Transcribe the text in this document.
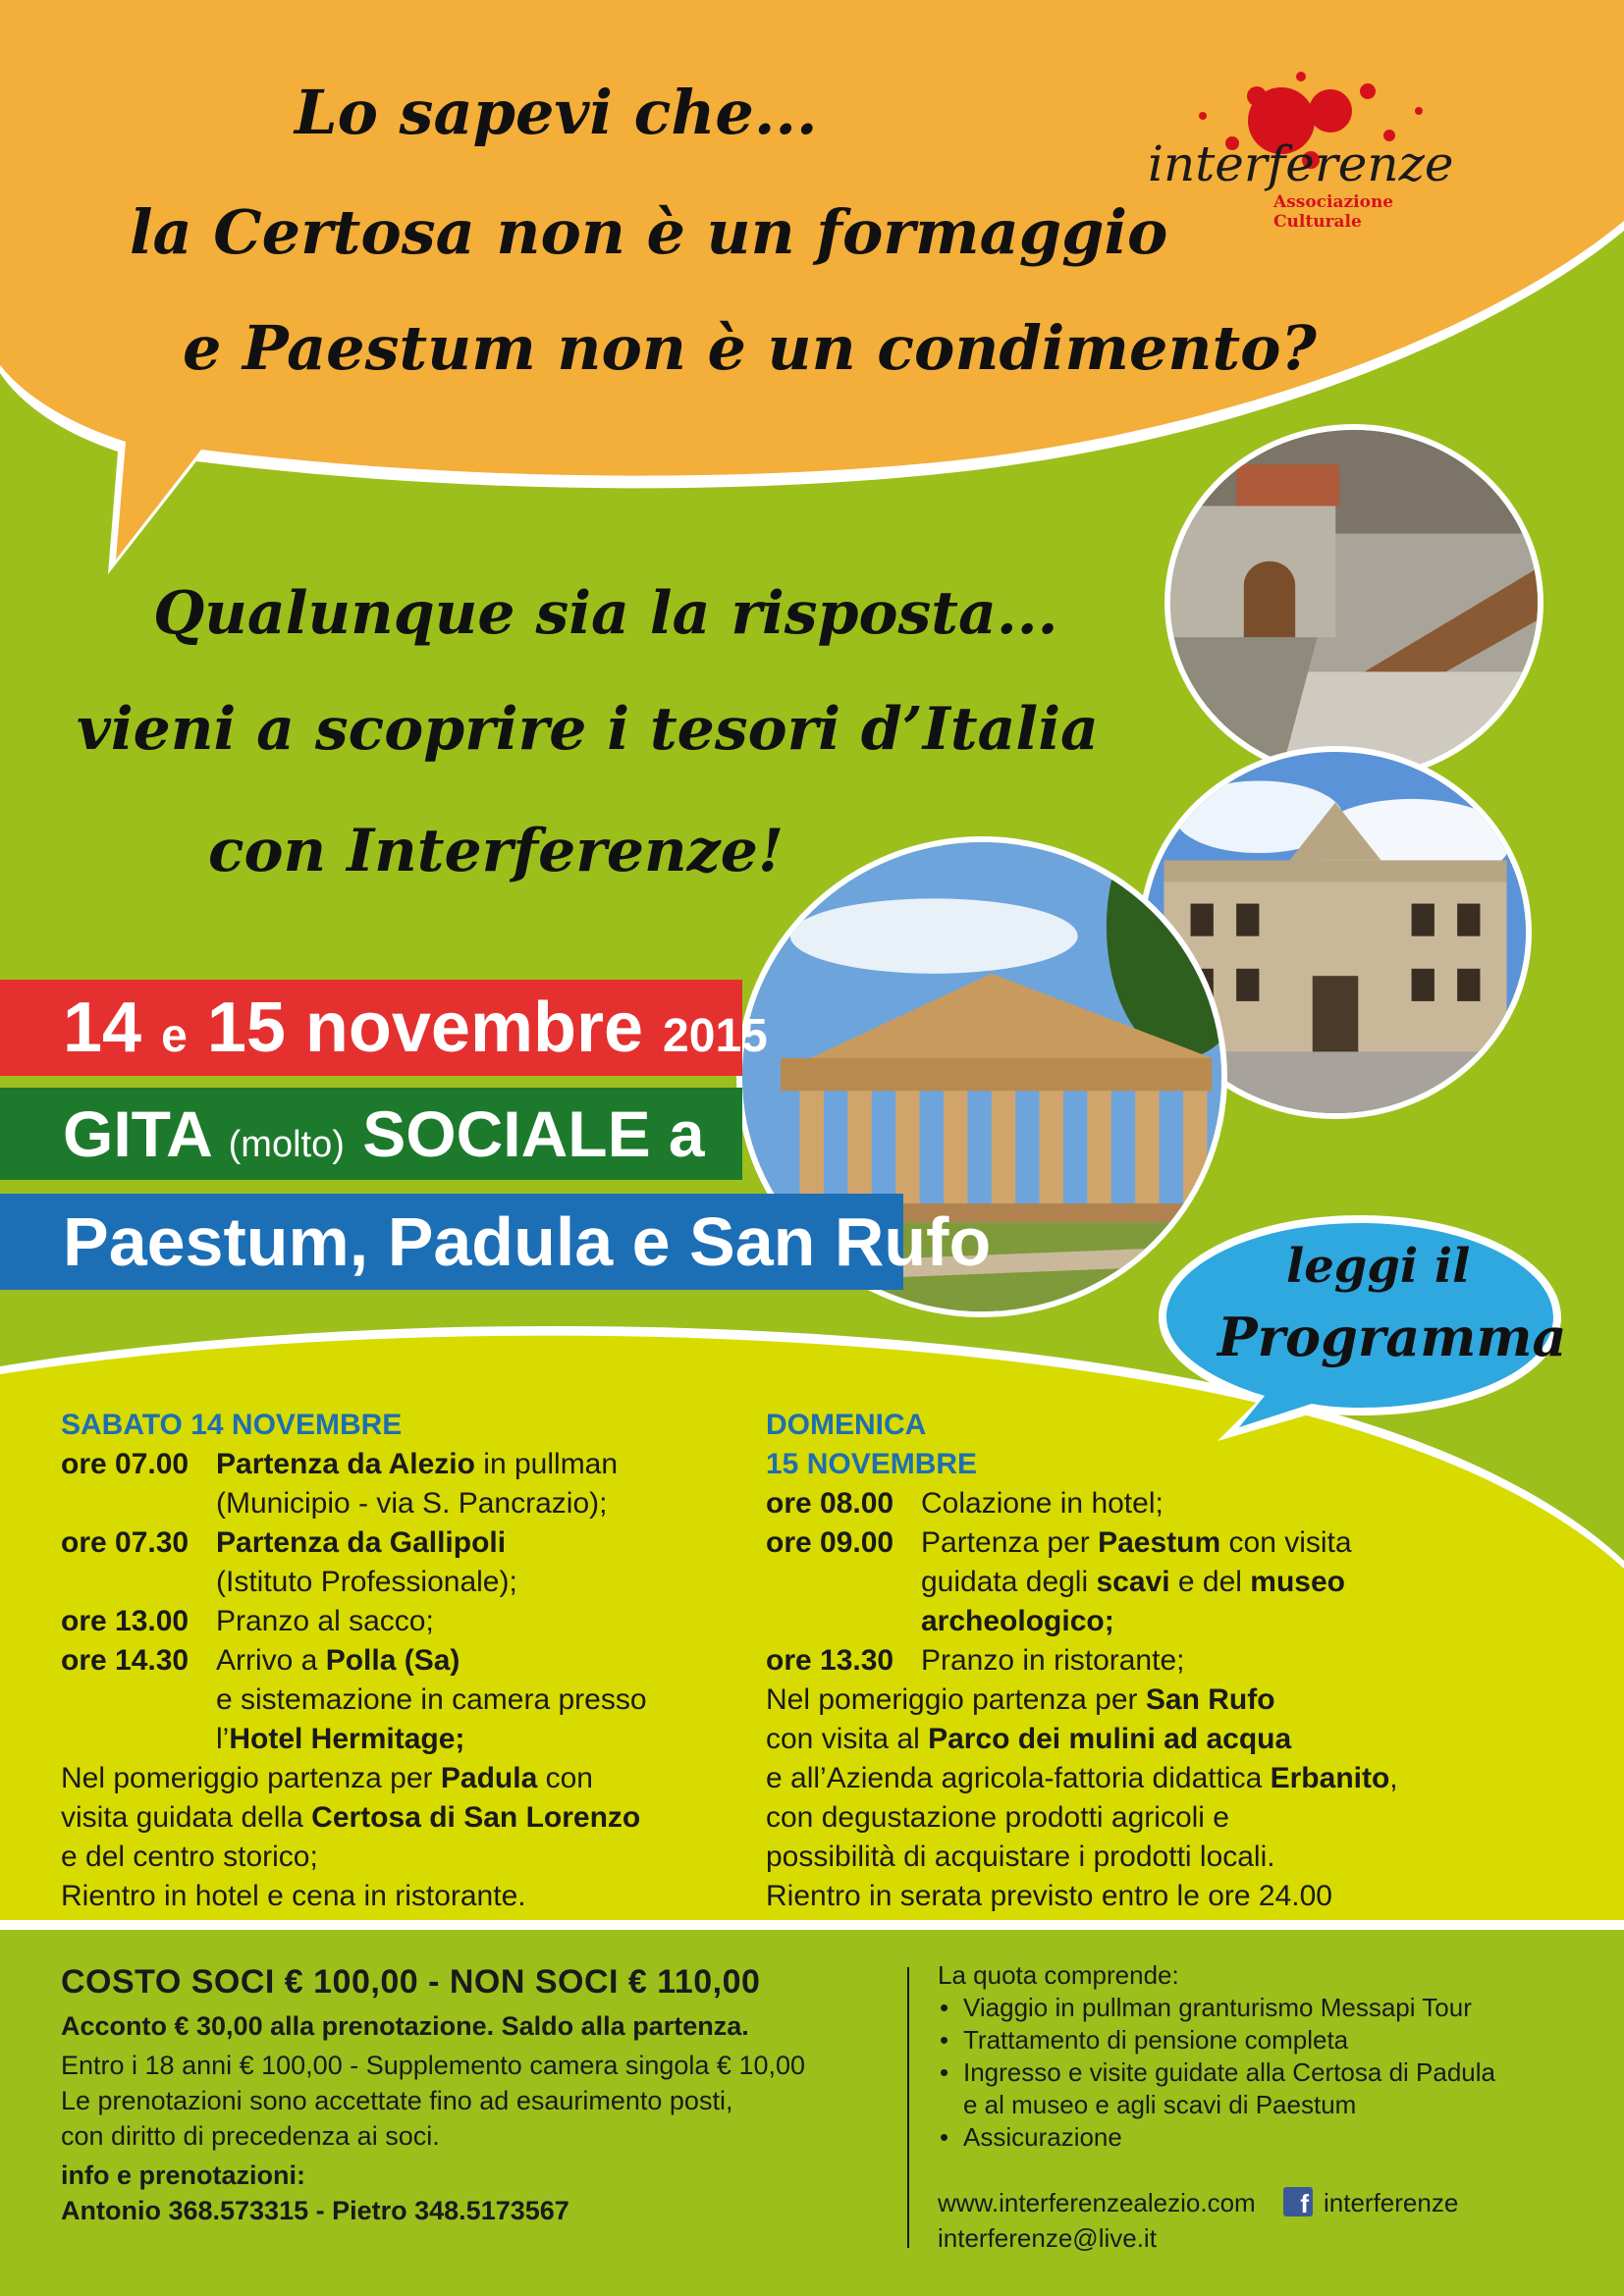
interferenze
Associazione Culturale
Lo sapevi che...
la Certosa non è un formaggio
e Paestum non è un condimento?
Qualunque sia la risposta...
vieni a scoprire i tesori d’Italia
con Interferenze!
14 e 15 novembre 2015
GITA (molto) SOCIALE a
Paestum, Padula e San Rufo	leggi il
Programma
SABATO 14 NOVEMBRE
ore 07.00 Partenza da Alezio in pullman
(Municipio - via S. Pancrazio);
ore 07.30 Partenza da Gallipoli
(Istituto Professionale);
ore 13.00 Pranzo al sacco;
ore 14.30 Arrivo a Polla (Sa)
e sistemazione in camera presso
l’Hotel Hermitage;
Nel pomeriggio partenza per Padula con
visita guidata della Certosa di San Lorenzo
e del centro storico;
Rientro in hotel e cena in ristorante.
DOMENICA
15 NOVEMBRE
ore 08.00 Colazione in hotel;
ore 09.00 Partenza per Paestum con visita
guidata degli scavi e del museo
archeologico;
ore 13.30 Pranzo in ristorante;
Nel pomeriggio partenza per San Rufo
con visita al Parco dei mulini ad acqua
e all’Azienda agricola-fattoria didattica Erbanito,
con degustazione prodotti agricoli e
possibilità di acquistare i prodotti locali.
Rientro in serata previsto entro le ore 24.00
COSTO SOCI € 100,00 - NON SOCI € 110,00
Acconto € 30,00 alla prenotazione. Saldo alla partenza.
Entro i 18 anni € 100,00 - Supplemento camera singola € 10,00
Le prenotazioni sono accettate fino ad esaurimento posti,
con diritto di precedenza ai soci.
info e prenotazioni:
Antonio 368.573315 - Pietro 348.5173567
La quota comprende:
• Viaggio in pullman granturismo Messapi Tour
• Trattamento di pensione completa
• Ingresso e visite guidate alla Certosa di Padula
e al museo e agli scavi di Paestum
• Assicurazione
www.interferenzealezio.com	f interferenze
interferenze@live.it
